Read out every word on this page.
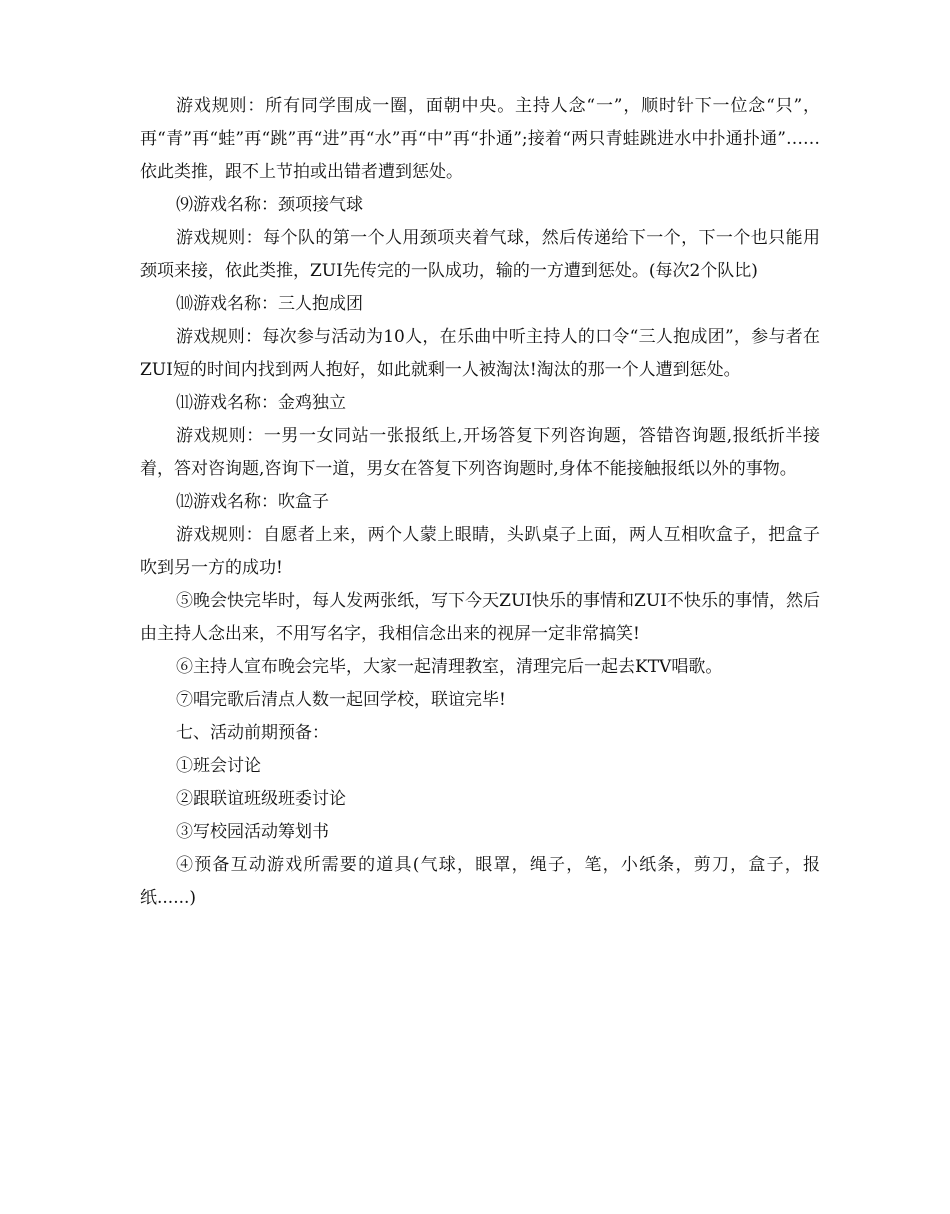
游戏规则：所有同学围成一圈，面朝中央。主持人念“一”，顺时针下一位念“只”，再“青”再“蛙”再“跳”再“进”再“水”再“中”再“扑通”;接着“两只青蛙跳进水中扑通扑通”……依此类推，跟不上节拍或出错者遭到惩处。

⑼游戏名称：颈项接气球

游戏规则：每个队的第一个人用颈项夹着气球，然后传递给下一个，下一个也只能用颈项来接，依此类推，ZUI先传完的一队成功，输的一方遭到惩处。(每次2个队比)

⑽游戏名称：三人抱成团

游戏规则：每次参与活动为10人，在乐曲中听主持人的口令“三人抱成团”，参与者在ZUI短的时间内找到两人抱好，如此就剩一人被淘汰!淘汰的那一个人遭到惩处。

⑾游戏名称：金鸡独立

游戏规则：一男一女同站一张报纸上,开场答复下列咨询题，答错咨询题,报纸折半接着，答对咨询题,咨询下一道，男女在答复下列咨询题时,身体不能接触报纸以外的事物。

⑿游戏名称：吹盒子

游戏规则：自愿者上来，两个人蒙上眼睛，头趴桌子上面，两人互相吹盒子，把盒子吹到另一方的成功!

⑤晚会快完毕时，每人发两张纸，写下今天ZUI快乐的事情和ZUI不快乐的事情，然后由主持人念出来，不用写名字，我相信念出来的视屏一定非常搞笑!

⑥主持人宣布晚会完毕，大家一起清理教室，清理完后一起去KTV唱歌。

⑦唱完歌后清点人数一起回学校，联谊完毕!

七、活动前期预备：

①班会讨论

②跟联谊班级班委讨论

③写校园活动筹划书

④预备互动游戏所需要的道具(气球，眼罩，绳子，笔，小纸条，剪刀，盒子，报纸......)
